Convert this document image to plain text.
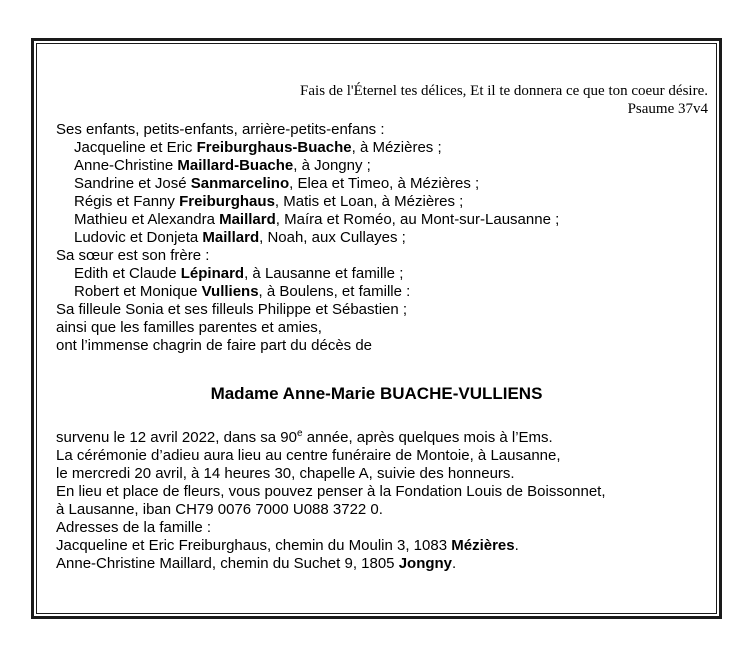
Fais de l'Éternel tes délices, Et il te donnera ce que ton coeur désire.
Psaume 37v4
Ses enfants, petits-enfants, arrière-petits-enfans :
Jacqueline et Eric Freiburghaus-Buache, à Mézières ;
Anne-Christine Maillard-Buache, à Jongny ;
Sandrine et José Sanmarcelino, Elea et Timeo, à Mézières ;
Régis et Fanny Freiburghaus, Matis et Loan, à Mézières ;
Mathieu et Alexandra Maillard, Maíra et Roméo, au Mont-sur-Lausanne ;
Ludovic et Donjeta Maillard, Noah, aux Cullayes ;
Sa sœur est son frère :
Edith et Claude Lépinard, à Lausanne et famille ;
Robert et Monique Vulliens, à Boulens, et famille :
Sa filleule Sonia et ses filleuls Philippe et Sébastien ;
ainsi que les familles parentes et amies,
ont l’immense chagrin de faire part du décès de
Madame Anne-Marie BUACHE-VULLIENS
survenu le 12 avril 2022, dans sa 90e année, après quelques mois à l’Ems.
La cérémonie d’adieu aura lieu au centre funéraire de Montoie, à Lausanne,
le mercredi 20 avril, à 14 heures 30, chapelle A, suivie des honneurs.
En lieu et place de fleurs, vous pouvez penser à la Fondation Louis de Boissonnet,
à Lausanne, iban CH79 0076 7000 U088 3722 0.
Adresses de la famille :
Jacqueline et Eric Freiburghaus, chemin du Moulin 3, 1083 Mézières.
Anne-Christine Maillard, chemin du Suchet 9, 1805 Jongny.
